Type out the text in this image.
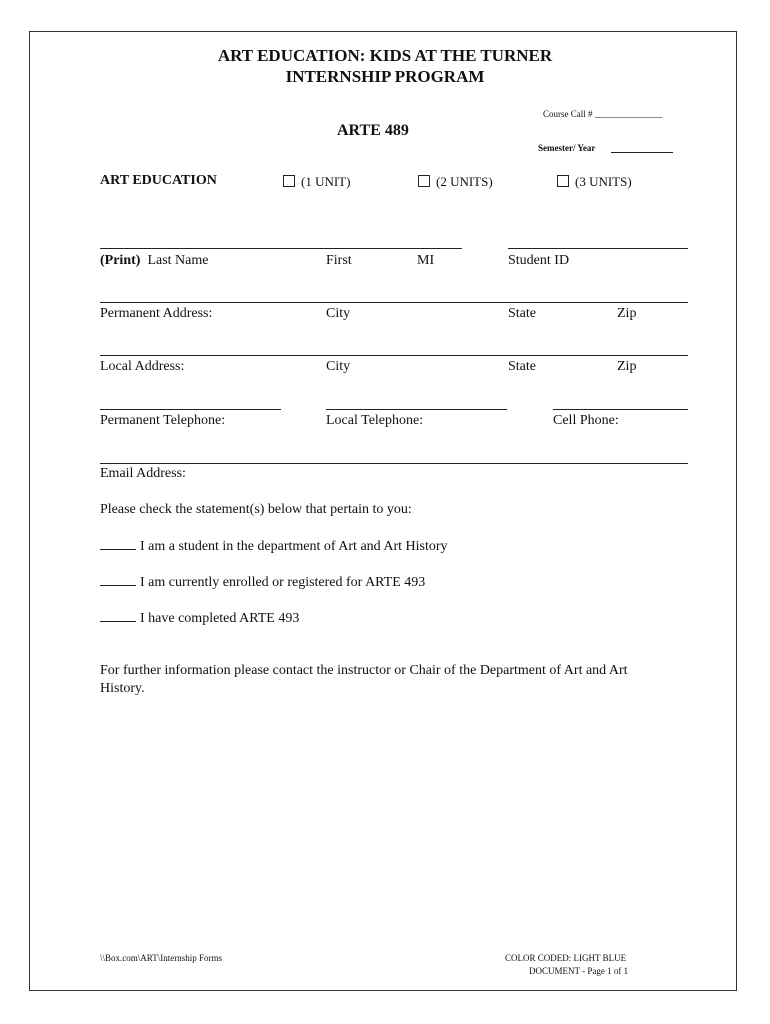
ART EDUCATION: KIDS AT THE TURNER
INTERNSHIP PROGRAM
Course Call # _______________
ARTE 489
Semester/ Year
ART EDUCATION	(1 UNIT)	(2 UNITS)	(3 UNITS)
(Print) Last Name	First	MI	Student ID
Permanent Address:	City	State	Zip
Local Address:	City	State	Zip
Permanent Telephone:	Local Telephone:	Cell Phone:
Email Address:
Please check the statement(s) below that pertain to you:
I am a student in the department of Art and Art History
I am currently enrolled or registered for ARTE 493
I have completed ARTE 493
For further information please contact the instructor or Chair of the Department of Art and Art
History.
\\Box.com\ART\Internship Forms	COLOR CODED: LIGHT BLUE
DOCUMENT - Page 1 of 1
